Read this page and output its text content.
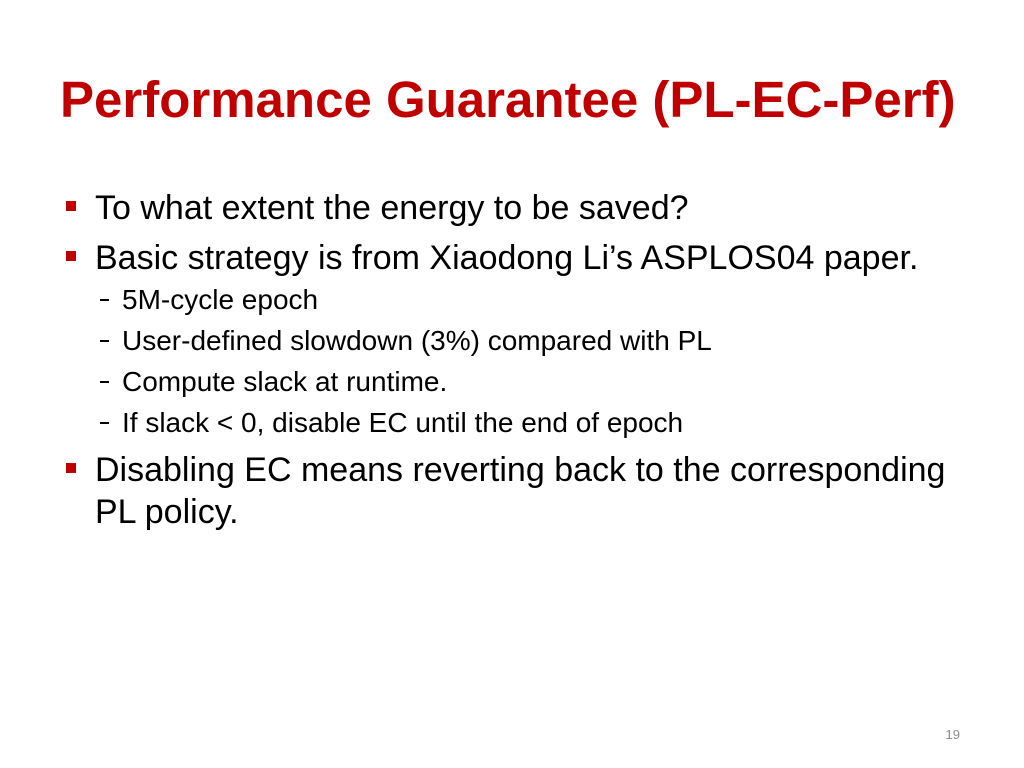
Performance Guarantee (PL-EC-Perf)
To what extent the energy to be saved?
Basic strategy is from Xiaodong Li’s ASPLOS04 paper.
5M-cycle epoch
User-defined slowdown (3%) compared with PL
Compute slack at runtime.
If slack < 0, disable EC until the end of epoch
Disabling EC means reverting back to the corresponding PL policy.
19
